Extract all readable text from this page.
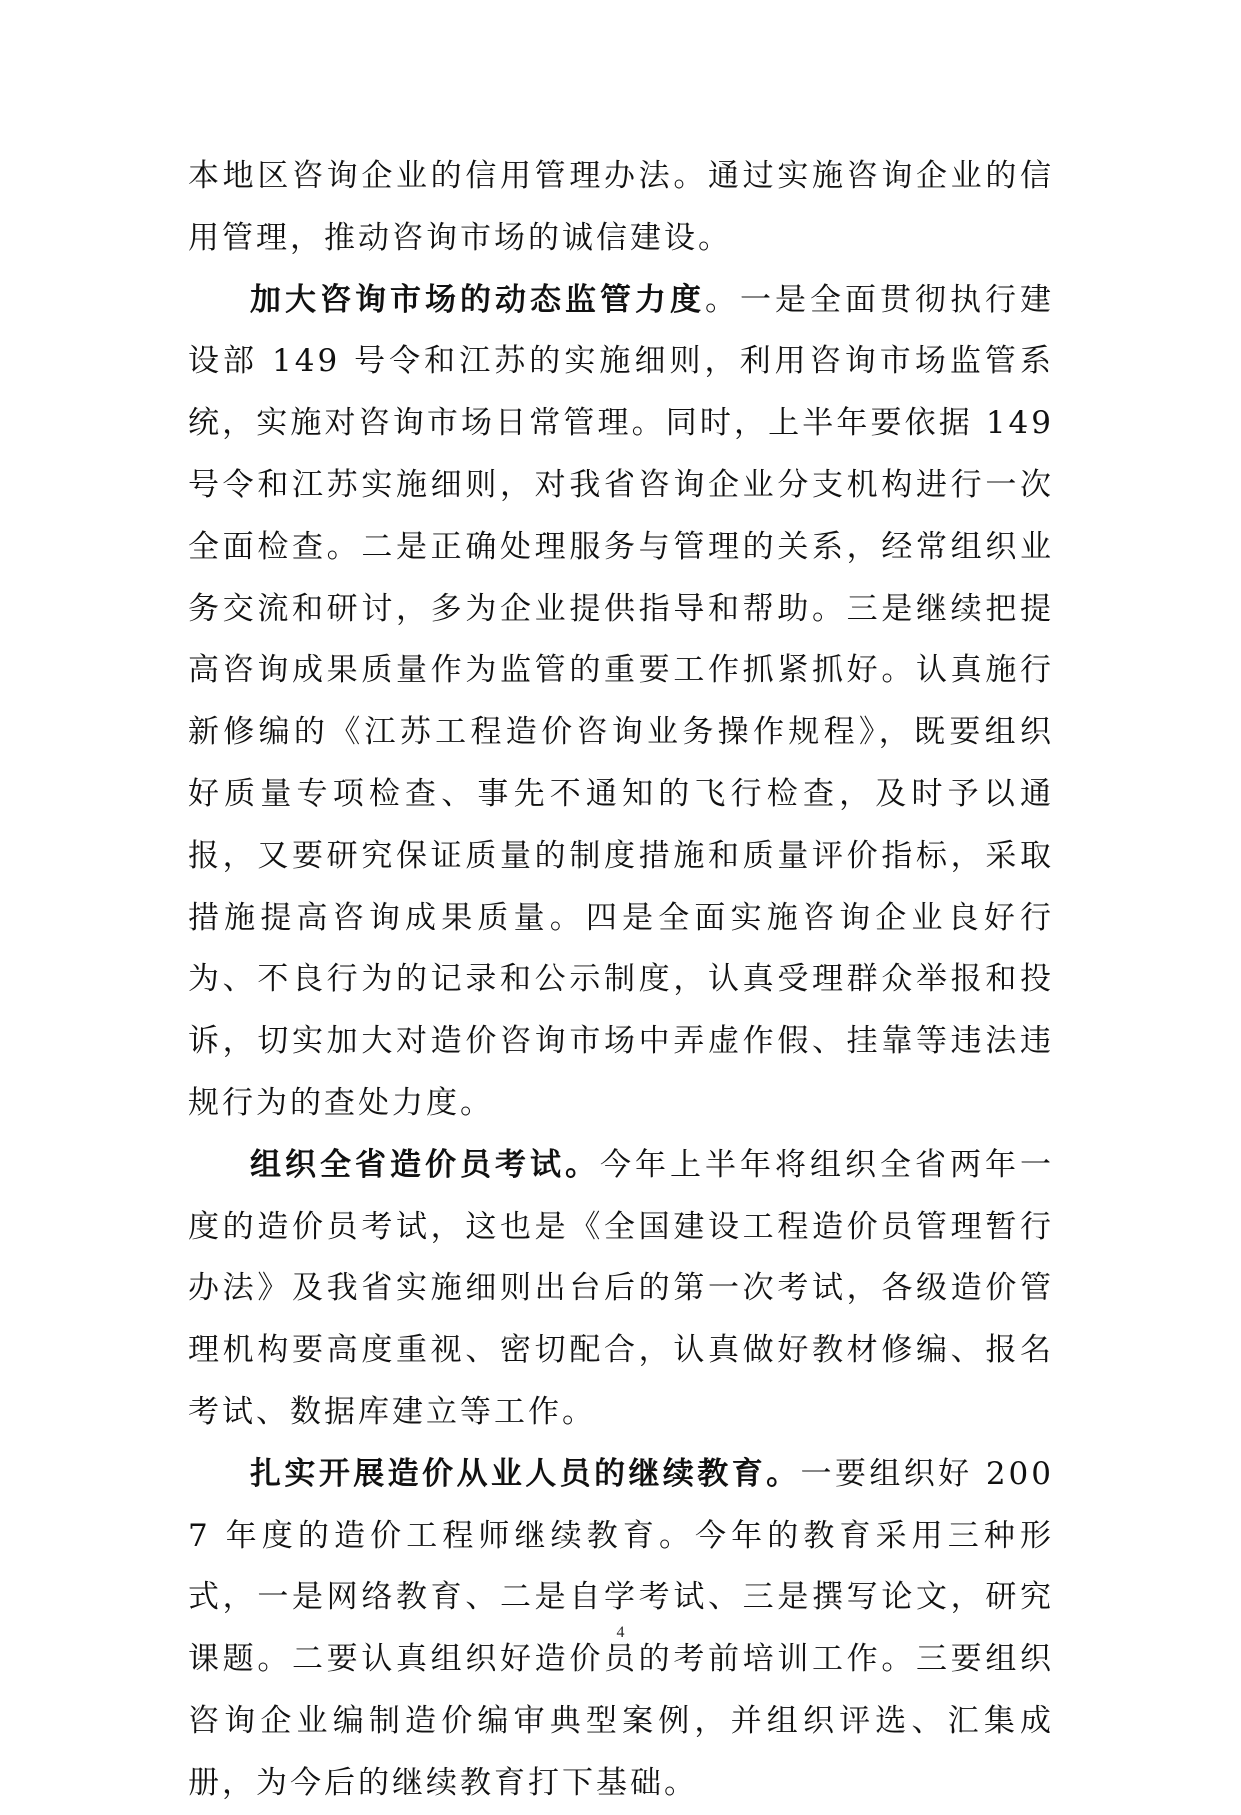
本地区咨询企业的信用管理办法。通过实施咨询企业的信用管理，推动咨询市场的诚信建设。

加大咨询市场的动态监管力度。一是全面贯彻执行建设部 149 号令和江苏的实施细则，利用咨询市场监管系统，实施对咨询市场日常管理。同时，上半年要依据 149 号令和江苏实施细则，对我省咨询企业分支机构进行一次全面检查。二是正确处理服务与管理的关系，经常组织业务交流和研讨，多为企业提供指导和帮助。三是继续把提高咨询成果质量作为监管的重要工作抓紧抓好。认真施行新修编的《江苏工程造价咨询业务操作规程》，既要组织好质量专项检查、事先不通知的飞行检查，及时予以通报，又要研究保证质量的制度措施和质量评价指标，采取措施提高咨询成果质量。四是全面实施咨询企业良好行为、不良行为的记录和公示制度，认真受理群众举报和投诉，切实加大对造价咨询市场中弄虚作假、挂靠等违法违规行为的查处力度。

组织全省造价员考试。今年上半年将组织全省两年一度的造价员考试，这也是《全国建设工程造价员管理暂行办法》及我省实施细则出台后的第一次考试，各级造价管理机构要高度重视、密切配合，认真做好教材修编、报名考试、数据库建立等工作。

扎实开展造价从业人员的继续教育。一要组织好 2007 年度的造价工程师继续教育。今年的教育采用三种形式，一是网络教育、二是自学考试、三是撰写论文，研究课题。二要认真组织好造价员的考前培训工作。三要组织咨询企业编制造价编审典型案例，并组织评选、汇集成册，为今后的继续教育打下基础。

4
